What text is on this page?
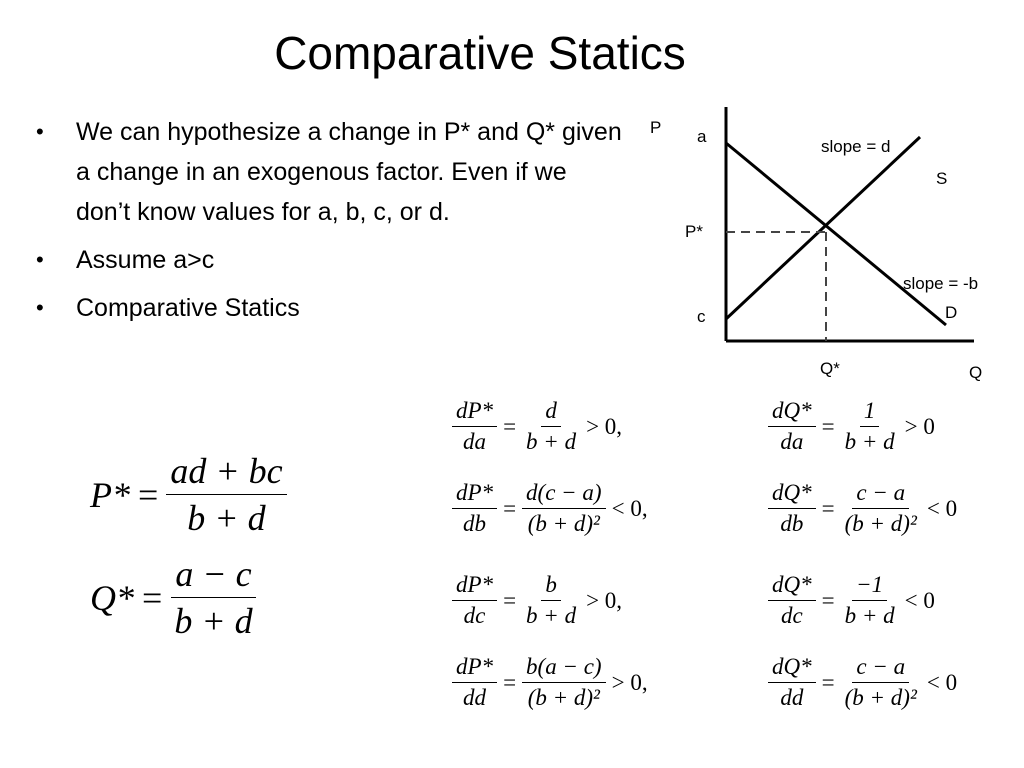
Comparative Statics
• We can hypothesize a change in P* and Q* given a change in an exogenous factor. Even if we don’t know values for a, b, c, or d.
• Assume a>c
• Comparative Statics
P a
P*
c
slope = d
S
slope = -b
D
Q*	Q
$P* = \frac{ad + bc}{b + d}$
$Q* = \frac{a - c}{b + d}$
$\frac{dP*}{da} = \frac{d}{b + d} > 0$,	$\frac{dQ*}{da} = \frac{1}{b + d} > 0$
$\frac{dP*}{db} = \frac{d(c - a)}{\text{(b + d)²}} < 0$,	$\frac{dQ*}{db} = \frac{c - a}{\text{(b + d)²}} < 0$
$\frac{dP*}{dc} = \frac{b}{b + d} > 0$,	$\frac{dQ*}{dc} = \frac{-1}{b + d} < 0$
$\frac{dP*}{dd} = \frac{b(a - c)}{\text{(b + d)²}} > 0$,	$\frac{dQ*}{dd} = \frac{c - a}{\text{(b + d)²}} < 0$
